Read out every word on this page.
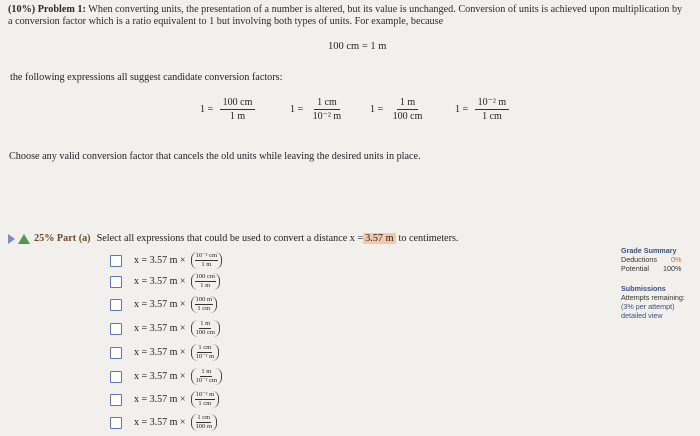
(10%) Problem 1: When converting units, the presentation of a number is altered, but its value is unchanged. Conversion of units is achieved upon multiplication by a conversion factor which is a ratio equivalent to 1 but involving both types of units. For example, because
100 cm = 1 m
the following expressions all suggest candidate conversion factors:
$1 = \frac{100 cm}{1 m}$	$1 = \frac{1 cm}{\text{10⁻² m}}$	$1 = \frac{1 m}{100 cm}$	$1 = \frac{\text{10⁻² m}}{1 cm}$
Choose any valid conversion factor that cancels the old units while leaving the desired units in place.
25% Part (a) Select all expressions that could be used to convert a distance x = 3.57 m to centimeters.
x = 3.57 m × 10⁻² cm
1 m
x = 3.57 m × 100 cm
1 m
x = 3.57 m × 100 m
1 cm
x = 3.57 m × 1 m
100 cm
x = 3.57 m × 1 cm
10⁻² m
x = 3.57 m × 1 m
10⁻² cm
x = 3.57 m × 10⁻² m
1 cm
x = 3.57 m × 1 cm
100 m
Grade Summary
Deductions 0%
Potential 100%
Submissions
Attempts remaining:
(3% per attempt)
detailed view
